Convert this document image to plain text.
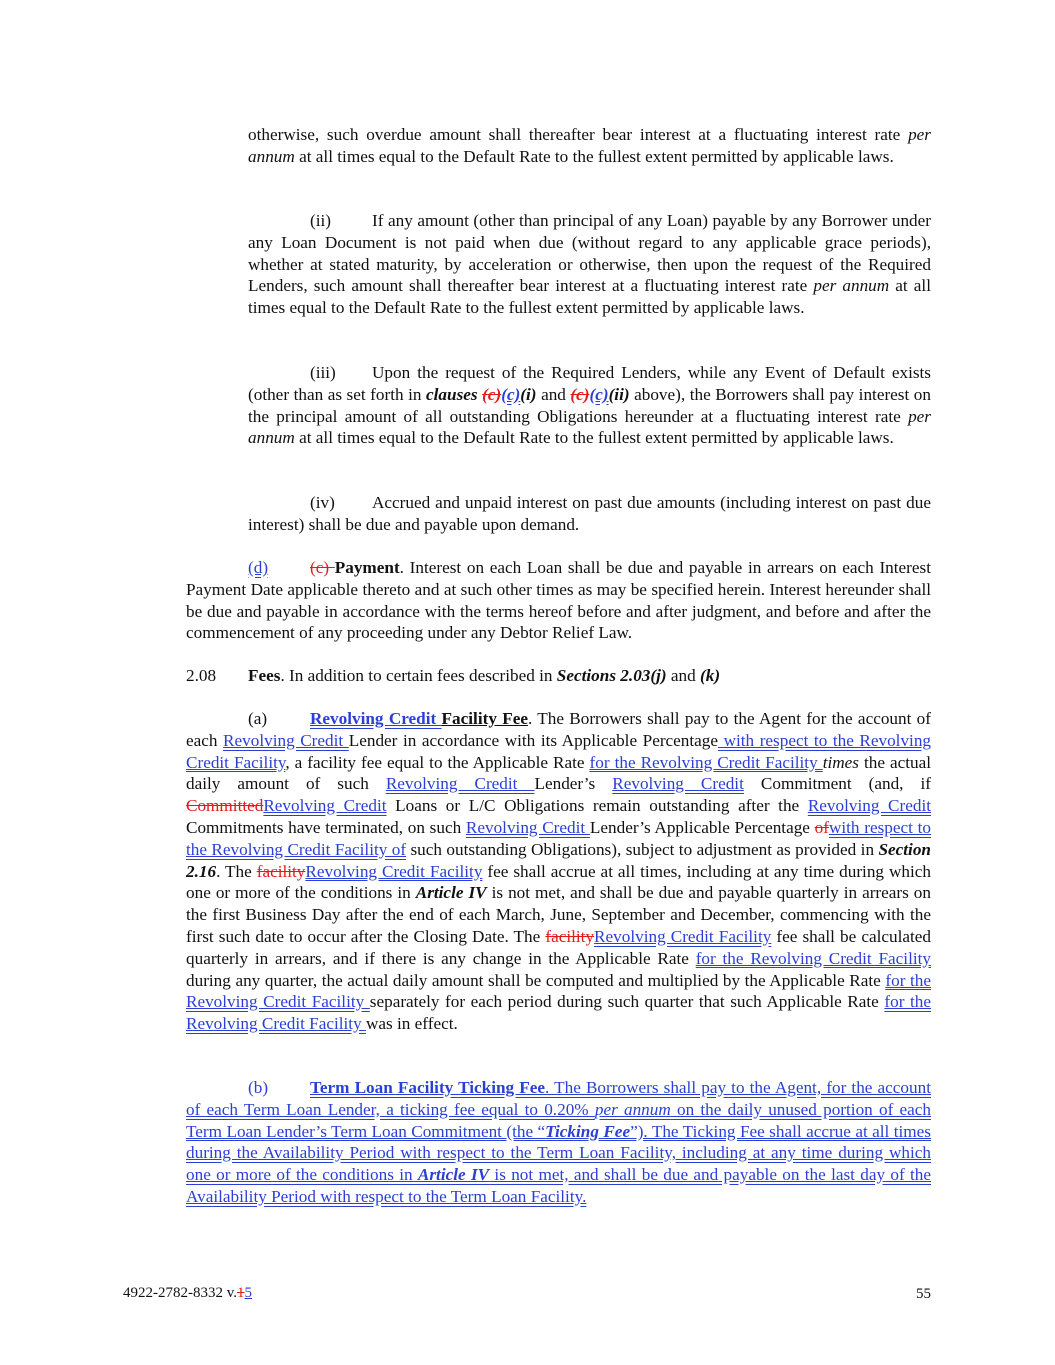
otherwise, such overdue amount shall thereafter bear interest at a fluctuating interest rate per annum at all times equal to the Default Rate to the fullest extent permitted by applicable laws.

(ii) If any amount (other than principal of any Loan) payable by any Borrower under any Loan Document is not paid when due (without regard to any applicable grace periods), whether at stated maturity, by acceleration or otherwise, then upon the request of the Required Lenders, such amount shall thereafter bear interest at a fluctuating interest rate per annum at all times equal to the Default Rate to the fullest extent permitted by applicable laws.

(iii) Upon the request of the Required Lenders, while any Event of Default exists (other than as set forth in clauses (c)(c)(i) and (c)(c)(ii) above), the Borrowers shall pay interest on the principal amount of all outstanding Obligations hereunder at a fluctuating interest rate per annum at all times equal to the Default Rate to the fullest extent permitted by applicable laws.

(iv) Accrued and unpaid interest on past due amounts (including interest on past due interest) shall be due and payable upon demand.

(d) (c) Payment. Interest on each Loan shall be due and payable in arrears on each Interest Payment Date applicable thereto and at such other times as may be specified herein. Interest hereunder shall be due and payable in accordance with the terms hereof before and after judgment, and before and after the commencement of any proceeding under any Debtor Relief Law.

2.08 Fees. In addition to certain fees described in Sections 2.03(j) and (k)

(a) Revolving Credit Facility Fee. The Borrowers shall pay to the Agent for the account of each Revolving Credit Lender in accordance with its Applicable Percentage with respect to the Revolving Credit Facility, a facility fee equal to the Applicable Rate for the Revolving Credit Facility times the actual daily amount of such Revolving Credit Lender’s Revolving Credit Commitment (and, if CommittedRevolving Credit Loans or L/C Obligations remain outstanding after the Revolving Credit Commitments have terminated, on such Revolving Credit Lender’s Applicable Percentage ofwith respect to the Revolving Credit Facility of such outstanding Obligations), subject to adjustment as provided in Section 2.16. The facilityRevolving Credit Facility fee shall accrue at all times, including at any time during which one or more of the conditions in Article IV is not met, and shall be due and payable quarterly in arrears on the first Business Day after the end of each March, June, September and December, commencing with the first such date to occur after the Closing Date. The facilityRevolving Credit Facility fee shall be calculated quarterly in arrears, and if there is any change in the Applicable Rate for the Revolving Credit Facility during any quarter, the actual daily amount shall be computed and multiplied by the Applicable Rate for the Revolving Credit Facility separately for each period during such quarter that such Applicable Rate for the Revolving Credit Facility was in effect.

(b) Term Loan Facility Ticking Fee. The Borrowers shall pay to the Agent, for the account of each Term Loan Lender, a ticking fee equal to 0.20% per annum on the daily unused portion of each Term Loan Lender’s Term Loan Commitment (the “Ticking Fee”). The Ticking Fee shall accrue at all times during the Availability Period with respect to the Term Loan Facility, including at any time during which one or more of the conditions in Article IV is not met, and shall be due and payable on the last day of the Availability Period with respect to the Term Loan Facility.

4922-2782-8332 v.15	55
